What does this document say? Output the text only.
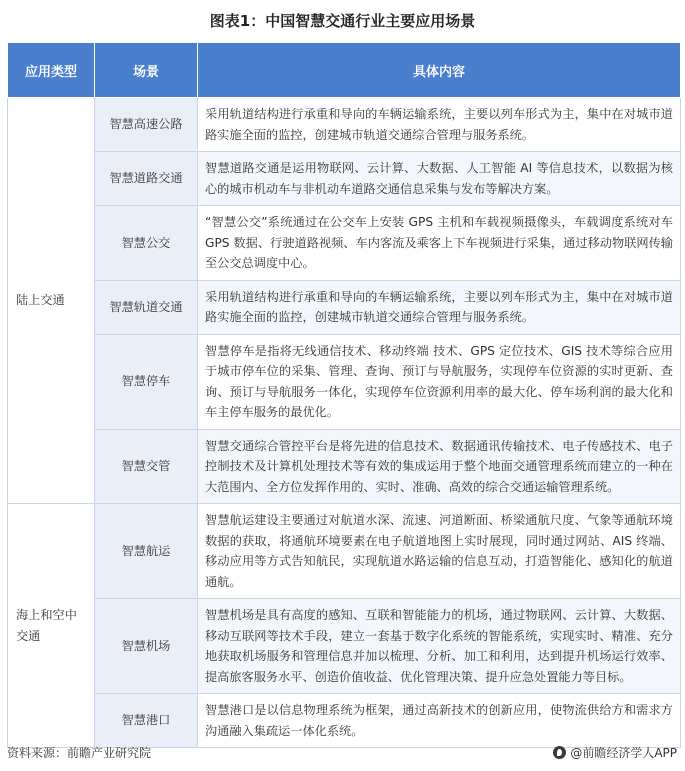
图表1：中国智慧交通行业主要应用场景
应用类型	场景	具体内容
陆上交通	智慧高速公路	采用轨道结构进行承重和导向的车辆运输系统，主要以列车形式为主，集中在对城市道路实施全面的监控，创建城市轨道交通综合管理与服务系统。
	智慧道路交通	智慧道路交通是运用物联网、云计算、大数据、人工智能 AI 等信息技术，以数据为核心的城市机动车与非机动车道路交通信息采集与发布等解决方案。
	智慧公交	“智慧公交”系统通过在公交车上安装 GPS 主机和车载视频摄像头，车载调度系统对车 GPS 数据、行驶道路视频、车内客流及乘客上下车视频进行采集，通过移动物联网传输至公交总调度中心。
	智慧轨道交通	采用轨道结构进行承重和导向的车辆运输系统，主要以列车形式为主，集中在对城市道路实施全面的监控，创建城市轨道交通综合管理与服务系统。
	智慧停车	智慧停车是指将无线通信技术、移动终端 技术、GPS 定位技术、GIS 技术等综合应用于城市停车位的采集、管理、查询、预订与导航服务，实现停车位资源的实时更新、查询、预订与导航服务一体化，实现停车位资源利用率的最大化、停车场利润的最大化和车主停车服务的最优化。
	智慧交管	智慧交通综合管控平台是将先进的信息技术、数据通讯传输技术、电子传感技术、电子控制技术及计算机处理技术等有效的集成运用于整个地面交通管理系统而建立的一种在大范围内、全方位发挥作用的、实时、准确、高效的综合交通运输管理系统。
海上和空中交通	智慧航运	智慧航运建设主要通过对航道水深、流速、河道断面、桥梁通航尺度、气象等通航环境数据的获取，将通航环境要素在电子航道地图上实时展现，同时通过网站、AIS 终端、移动应用等方式告知航民，实现航道水路运输的信息互动，打造智能化、感知化的航道通航。
	智慧机场	智慧机场是具有高度的感知、互联和智能能力的机场，通过物联网、云计算、大数据、移动互联网等技术手段，建立一套基于数字化系统的智能系统，实现实时、精准、充分地获取机场服务和管理信息并加以梳理、分析、加工和利用，达到提升机场运行效率、提高旅客服务水平、创造价值收益、优化管理决策、提升应急处置能力等目标。
	智慧港口	智慧港口是以信息物理系统为框架，通过高新技术的创新应用，使物流供给方和需求方沟通融入集疏运一体化系统。
资料来源：前瞻产业研究院	@前瞻经济学人APP
